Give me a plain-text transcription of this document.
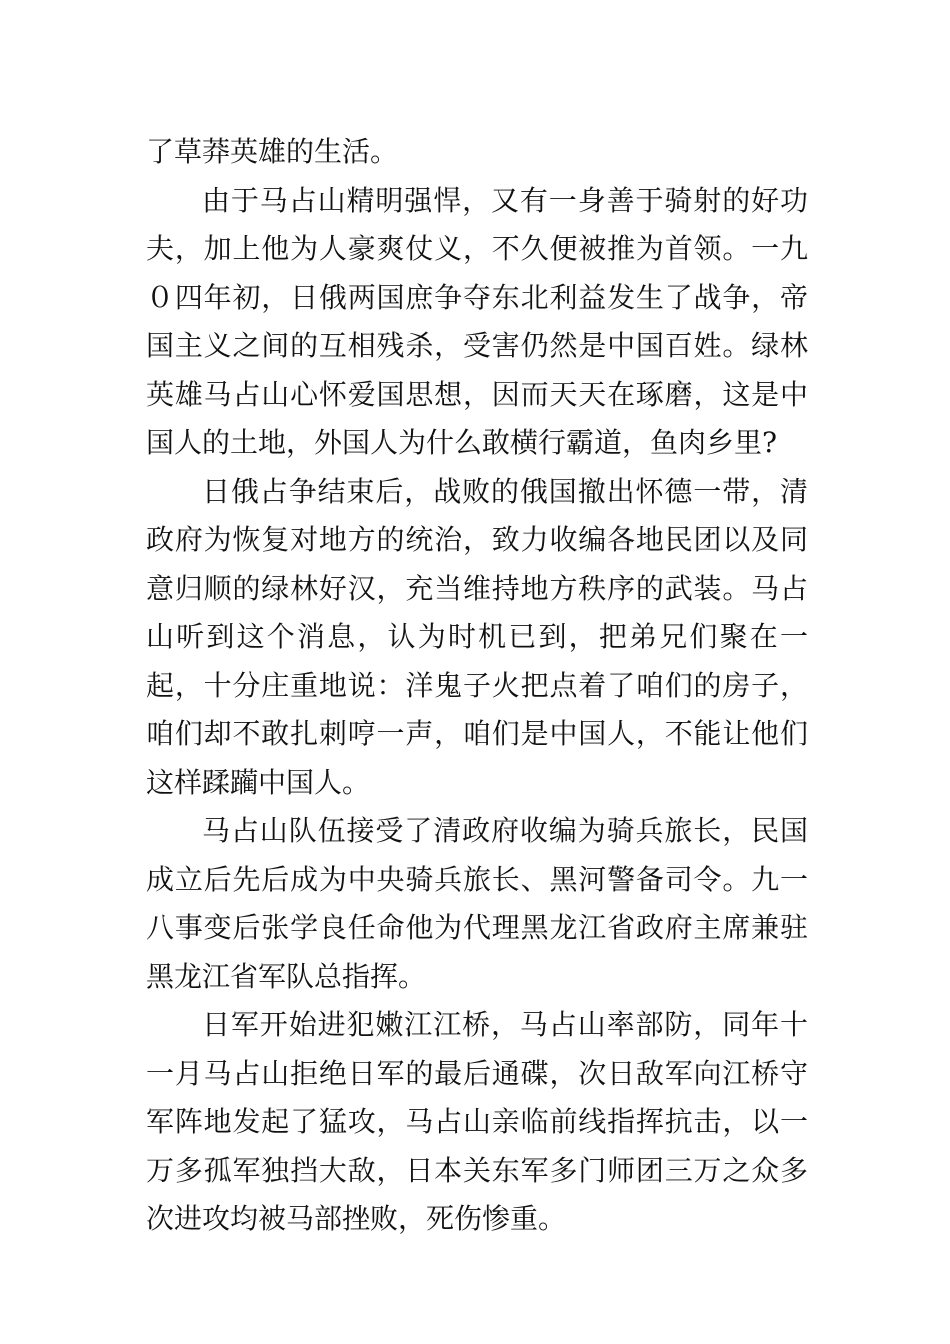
了草莽英雄的生活。

由于马占山精明强悍，又有一身善于骑射的好功夫，加上他为人豪爽仗义，不久便被推为首领。一九０四年初，日俄两国庶争夺东北利益发生了战争，帝国主义之间的互相残杀，受害仍然是中国百姓。绿林英雄马占山心怀爱国思想，因而天天在琢磨，这是中国人的土地，外国人为什么敢横行霸道，鱼肉乡里?

日俄占争结束后，战败的俄国撤出怀德一带，清政府为恢复对地方的统治，致力收编各地民团以及同意归顺的绿林好汉，充当维持地方秩序的武装。马占山听到这个消息，认为时机已到，把弟兄们聚在一起，十分庄重地说：洋鬼子火把点着了咱们的房子，咱们却不敢扎刺哼一声，咱们是中国人，不能让他们这样蹂躏中国人。

马占山队伍接受了清政府收编为骑兵旅长，民国成立后先后成为中央骑兵旅长、黑河警备司令。九一八事变后张学良任命他为代理黑龙江省政府主席兼驻黑龙江省军队总指挥。

日军开始进犯嫩江江桥，马占山率部防，同年十一月马占山拒绝日军的最后通碟，次日敌军向江桥守军阵地发起了猛攻，马占山亲临前线指挥抗击，以一万多孤军独挡大敌，日本关东军多门师团三万之众多次进攻均被马部挫败，死伤惨重。
